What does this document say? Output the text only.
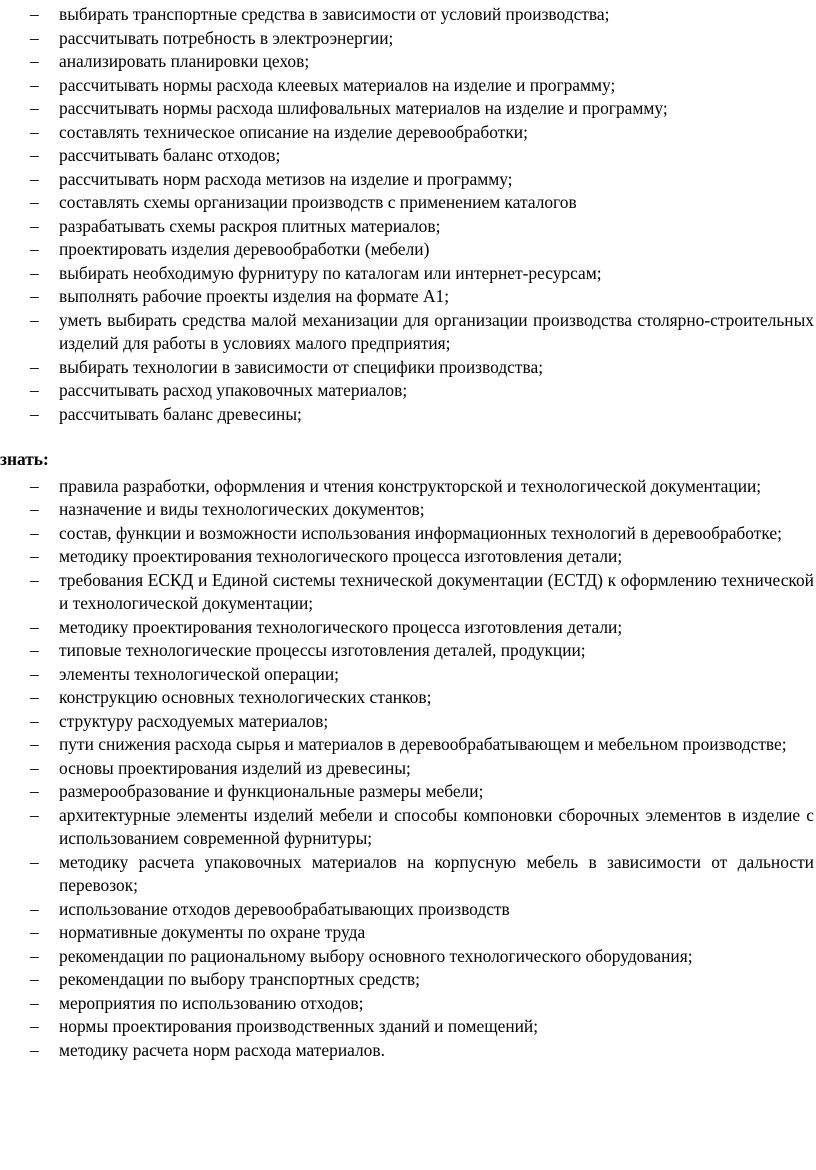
– выбирать транспортные средства в зависимости от условий производства;
– рассчитывать потребность в электроэнергии;
– анализировать планировки цехов;
– рассчитывать нормы расхода клеевых материалов на изделие и программу;
– рассчитывать нормы расхода шлифовальных материалов на изделие и программу;
– составлять техническое описание на изделие деревообработки;
– рассчитывать баланс отходов;
– рассчитывать норм расхода метизов на изделие и программу;
– составлять схемы организации производств с применением каталогов
– разрабатывать схемы раскроя плитных материалов;
– проектировать изделия деревообработки (мебели)
– выбирать необходимую фурнитуру по каталогам или интернет-ресурсам;
– выполнять рабочие проекты изделия на формате А1;
– уметь выбирать средства малой механизации для организации производства столярно-строительных изделий для работы в условиях малого предприятия;
– выбирать технологии в зависимости от специфики производства;
– рассчитывать расход упаковочных материалов;
– рассчитывать баланс древесины;
знать:
– правила разработки, оформления и чтения конструкторской и технологической документации;
– назначение и виды технологических документов;
– состав, функции и возможности использования информационных технологий в деревообработке;
– методику проектирования технологического процесса изготовления детали;
– требования ЕСКД и Единой системы технической документации (ЕСТД) к оформлению технической и технологической документации;
– методику проектирования технологического процесса изготовления детали;
– типовые технологические процессы изготовления деталей, продукции;
– элементы технологической операции;
– конструкцию основных технологических станков;
– структуру расходуемых материалов;
– пути снижения расхода сырья и материалов в деревообрабатывающем и мебельном производстве;
– основы проектирования изделий из древесины;
– размерообразование и функциональные размеры мебели;
– архитектурные элементы изделий мебели и способы компоновки сборочных элементов в изделие с использованием современной фурнитуры;
– методику расчета упаковочных материалов на корпусную мебель в зависимости от дальности перевозок;
– использование отходов деревообрабатывающих производств
– нормативные документы по охране труда
– рекомендации по рациональному выбору основного технологического оборудования;
– рекомендации по выбору транспортных средств;
– мероприятия по использованию отходов;
– нормы проектирования производственных зданий и помещений;
– методику расчета норм расхода материалов.
